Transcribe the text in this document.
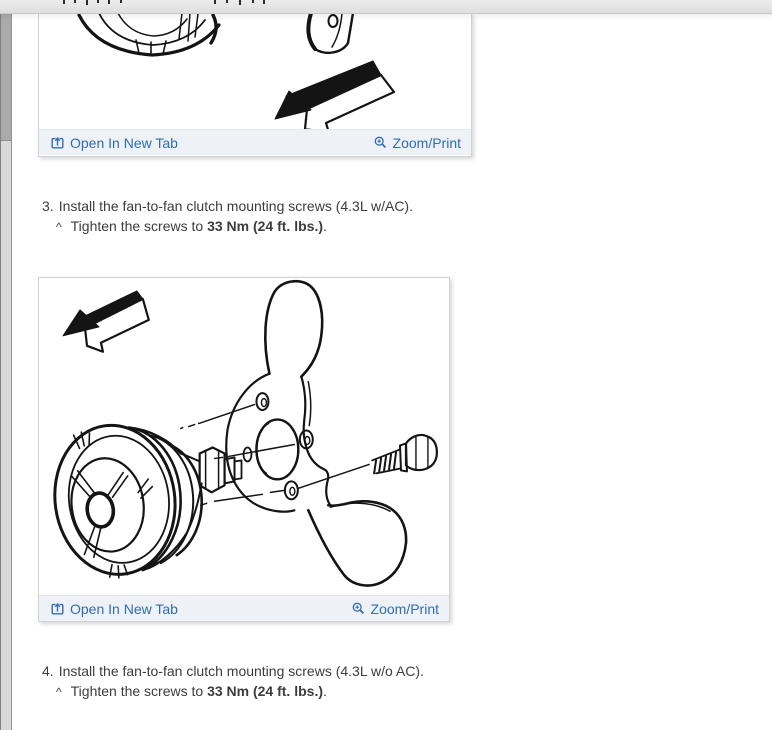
Open In New Tab	Zoom/Print
3. Install the fan-to-fan clutch mounting screws (4.3L w/AC).
^ Tighten the screws to 33 Nm (24 ft. lbs.).
Open In New Tab	Zoom/Print
4. Install the fan-to-fan clutch mounting screws (4.3L w/o AC).
^ Tighten the screws to 33 Nm (24 ft. lbs.).
